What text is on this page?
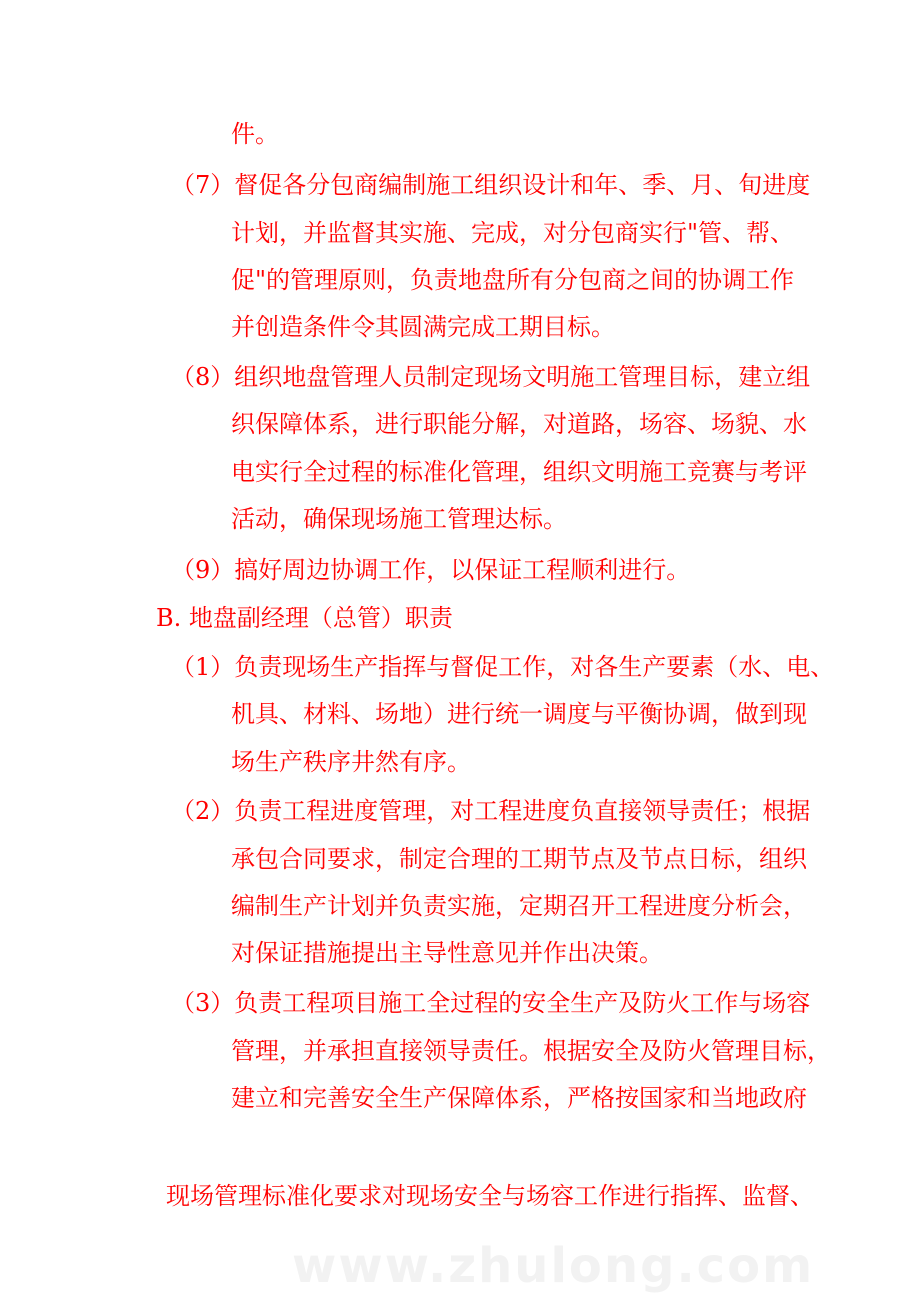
件。
（7）督促各分包商编制施工组织设计和年、季、月、旬进度
计划，并监督其实施、完成，对分包商实行"管、帮、
促"的管理原则，负责地盘所有分包商之间的协调工作
并创造条件令其圆满完成工期目标。
（8）组织地盘管理人员制定现场文明施工管理目标，建立组
织保障体系，进行职能分解，对道路，场容、场貌、水
电实行全过程的标准化管理，组织文明施工竞赛与考评
活动，确保现场施工管理达标。
（9）搞好周边协调工作，以保证工程顺利进行。
B. 地盘副经理（总管）职责
（1）负责现场生产指挥与督促工作，对各生产要素（水、电、
机具、材料、场地）进行统一调度与平衡协调，做到现
场生产秩序井然有序。
（2）负责工程进度管理，对工程进度负直接领导责任；根据
承包合同要求，制定合理的工期节点及节点日标，组织
编制生产计划并负责实施，定期召开工程进度分析会，
对保证措施提出主导性意见并作出决策。
（3）负责工程项目施工全过程的安全生产及防火工作与场容
管理，并承担直接领导责任。根据安全及防火管理目标，
建立和完善安全生产保障体系，严格按国家和当地政府
现场管理标准化要求对现场安全与场容工作进行指挥、监督、
www.zhulong.com
